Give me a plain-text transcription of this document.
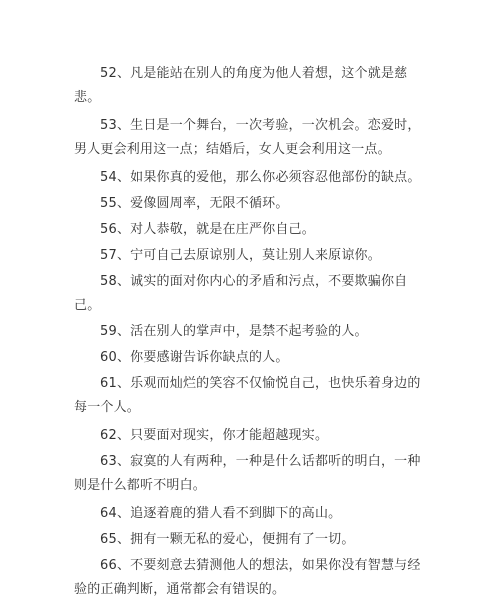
52、凡是能站在别人的角度为他人着想，这个就是慈悲。

53、生日是一个舞台，一次考验，一次机会。恋爱时，男人更会利用这一点；结婚后，女人更会利用这一点。

54、如果你真的爱他，那么你必须容忍他部份的缺点。

55、爱像圆周率，无限不循环。

56、对人恭敬，就是在庄严你自己。

57、宁可自己去原谅别人，莫让别人来原谅你。

58、诚实的面对你内心的矛盾和污点，不要欺骗你自己。

59、活在别人的掌声中，是禁不起考验的人。

60、你要感谢告诉你缺点的人。

61、乐观而灿烂的笑容不仅愉悦自己，也快乐着身边的每一个人。

62、只要面对现实，你才能超越现实。

63、寂寞的人有两种，一种是什么话都听的明白，一种则是什么都听不明白。

64、追逐着鹿的猎人看不到脚下的高山。

65、拥有一颗无私的爱心，便拥有了一切。

66、不要刻意去猜测他人的想法，如果你没有智慧与经验的正确判断，通常都会有错误的。
